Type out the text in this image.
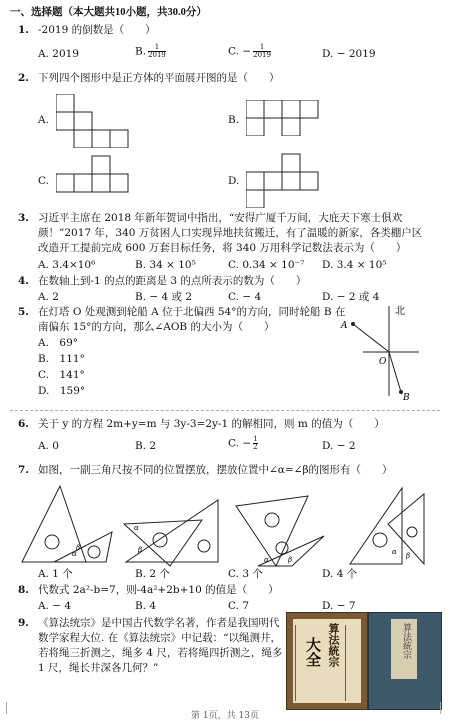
一、选择题（本大题共10小题，共30.0分）
1. -2019 的倒数是（　　）
A. 2019	B. $\frac{1}{2019}$	C. − $\frac{1}{2019}$	D. − 2019
2. 下列四个图形中是正方体的平面展开图的是（　　）
A.	B.
C.	D.
3. 习近平主席在 2018 年新年贺词中指出，“安得广厦千万间，大庇天下寒士俱欢
颜！”2017 年，340 万贫困人口实现异地扶贫搬迁，有了温暖的新家，各类棚户区
改造开工提前完成 600 万套目标任务，将 340 万用科学记数法表示为（　　）
A. 3.4×10⁶	B. 34 × 10⁵	C. 0.34 × 10⁻⁷ D. 3.4 × 10⁵
4. 在数轴上到-1 的点的距离是 3 的点所表示的数为（　　）
A. 2	B. − 4 或 2	C. − 4	D. − 2 或 4
5. 在灯塔 O 处观测到轮船 A 位于北偏西 54°的方向，同时轮船 B 在
南偏东 15°的方向，那么∠AOB 的大小为（　　）
A.　69°
B.　111°
C.　141°
D.　159°
北
A
O
B
6. 关于 y 的方程 2m+y=m 与 3y-3=2y-1 的解相同，则 m 的值为（　　）
A. 0	B. 2	C. − $\frac{1}{2}$	D. − 2
7. 如图，一副三角尺按不同的位置摆放，摆放位置中∠α=∠β的图形有（　　）
α
β
α
β
α	β
α β
A. 1 个	B. 2 个	C. 3 个	D. 4 个
8. 代数式 2a²-b=7，则-4a²+2b+10 的值是（　　）
A. − 4	B. 4	C. 7	D. − 7
9. 《算法统宗》是中国古代数学名著，作者是我国明代
数学家程大位. 在《算法统宗》中记载：“以绳测井，
若将绳三折测之，绳多 4 尺，若将绳四折测之，绳多
1 尺，绳长井深各几何？”
算法統宗
大全	算法統宗
第 1页，共 13页
